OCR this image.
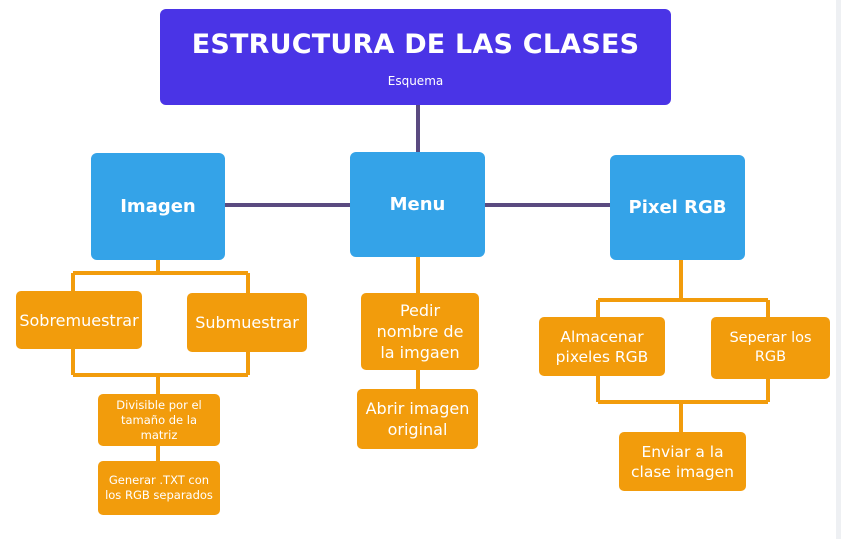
ESTRUCTURA DE LAS CLASES
Esquema
Imagen	Menu	Pixel RGB
Sobremuestrar	Submuestrar
Divisible por el tamaño de la matriz
Generar .TXT con los RGB separados
Pedir nombre de la imgaen
Abrir imagen original
Almacenar pixeles RGB
Seperar los RGB
Enviar a la clase imagen
